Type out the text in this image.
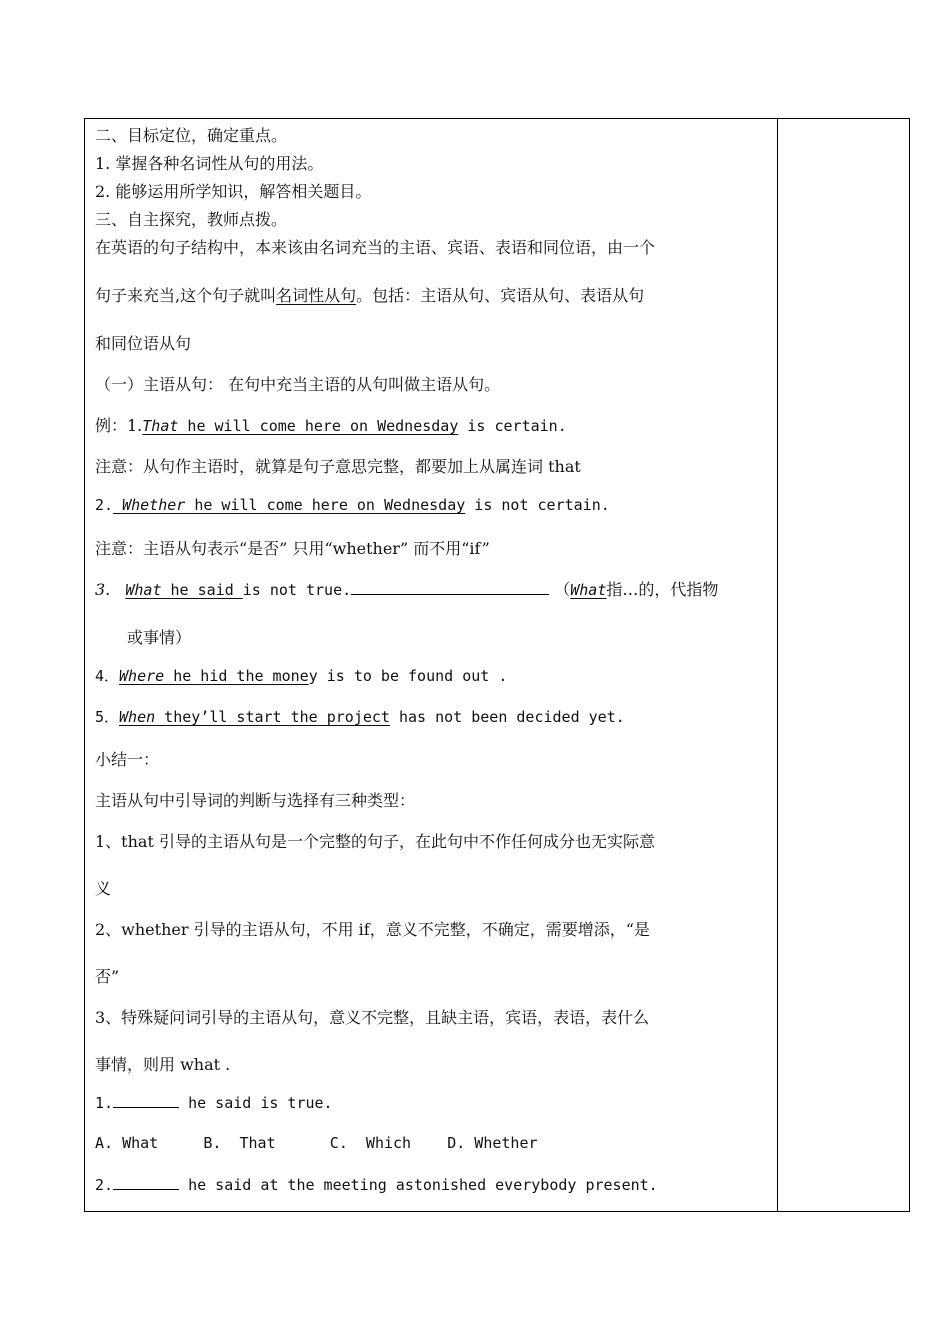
二、目标定位，确定重点。
1. 掌握各种名词性从句的用法。
2. 能够运用所学知识，解答相关题目。
三、自主探究，教师点拨。
在英语的句子结构中，本来该由名词充当的主语、宾语、表语和同位语，由一个
句子来充当,这个句子就叫名词性从句。包括：主语从句、宾语从句、表语从句
和同位语从句
（一）主语从句： 在句中充当主语的从句叫做主语从句。
例：1.That he will come here on Wednesday is certain.
注意：从句作主语时，就算是句子意思完整，都要加上从属连词 that
2. Whether he will come here on Wednesday is not certain.
注意：主语从句表示“是否” 只用“whether” 而不用“if”
3. What he said is not true.	（What指…的，代指物
或事情）
4．Where he hid the money is to be found out .
5．When they’ll start the project has not been decided yet.
小结一：
主语从句中引导词的判断与选择有三种类型：
1、that 引导的主语从句是一个完整的句子，在此句中不作任何成分也无实际意
义
2、whether 引导的主语从句，不用 if，意义不完整，不确定，需要增添，“是
否”
3、特殊疑问词引导的主语从句，意义不完整，且缺主语，宾语，表语，表什么
事情，则用 what .
1.	he said is true.
A. What     B.  That      C.  Which    D. Whether
2.	he said at the meeting astonished everybody present.
